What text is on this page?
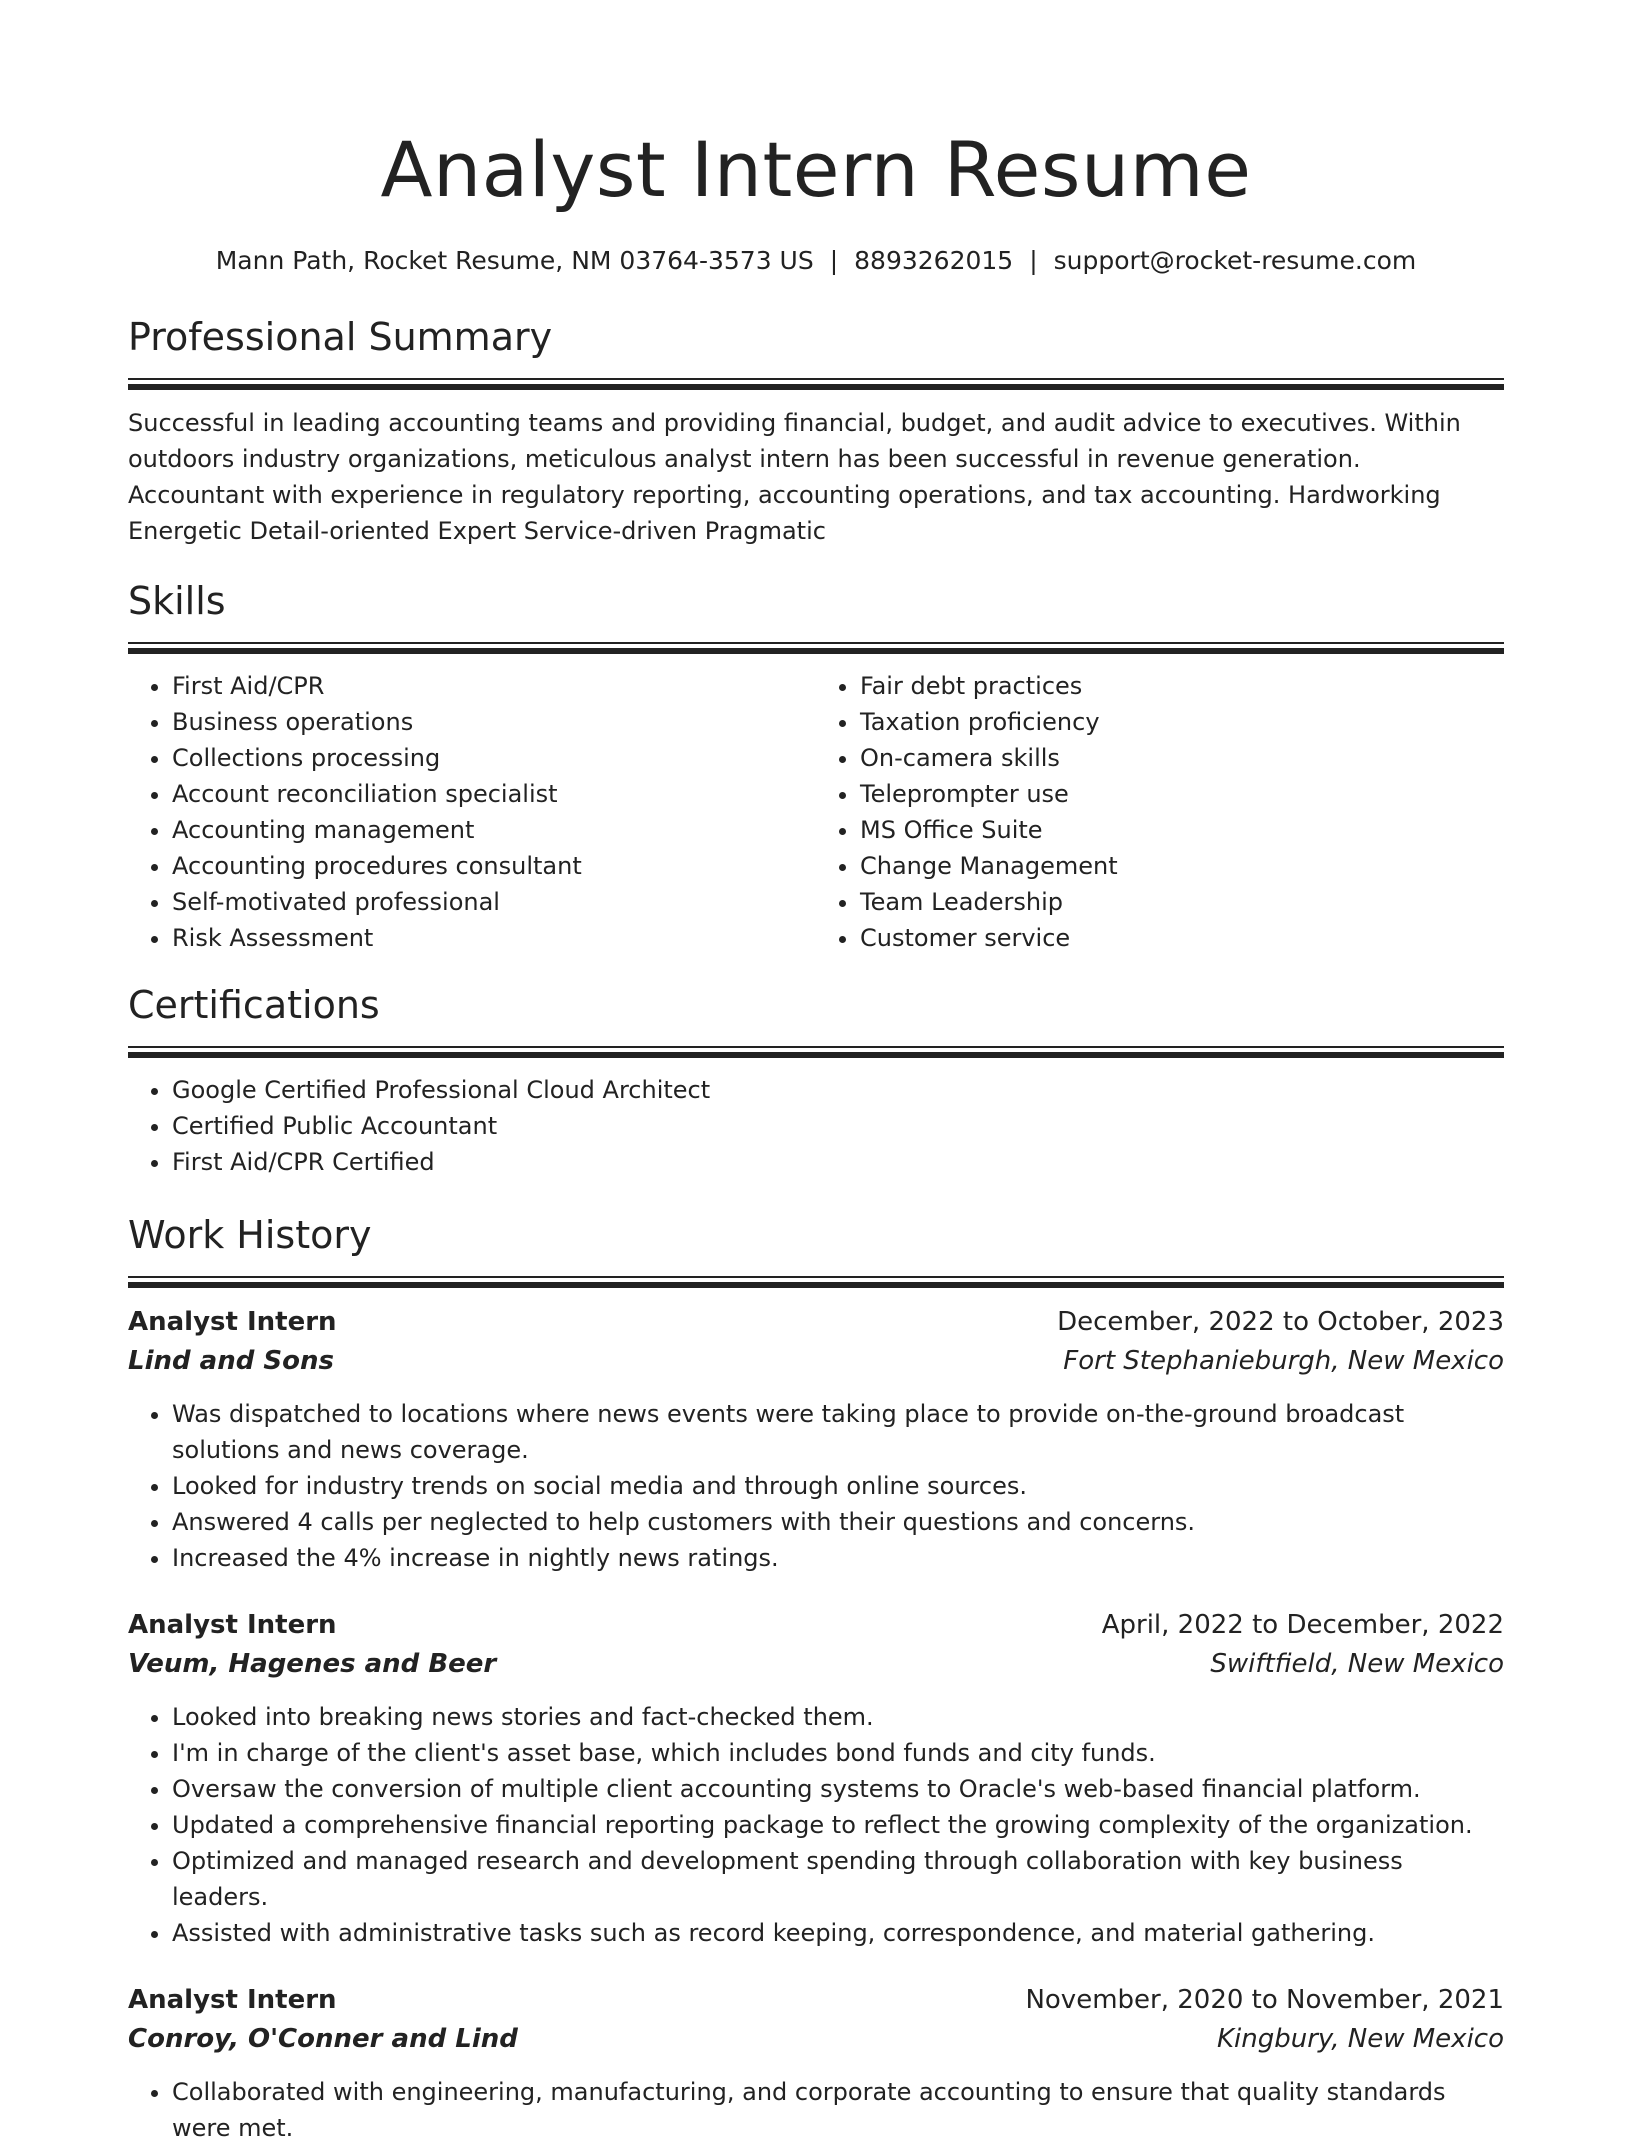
Analyst Intern Resume
Mann Path, Rocket Resume, NM 03764-3573 US | 8893262015 | support@rocket-resume.com
Professional Summary
Successful in leading accounting teams and providing financial, budget, and audit advice to executives. Within outdoors industry organizations, meticulous analyst intern has been successful in revenue generation. Accountant with experience in regulatory reporting, accounting operations, and tax accounting. Hardworking Energetic Detail-oriented Expert Service-driven Pragmatic
Skills
• First Aid/CPR
• Business operations
• Collections processing
• Account reconciliation specialist
• Accounting management
• Accounting procedures consultant
• Self-motivated professional
• Risk Assessment
• Fair debt practices
• Taxation proficiency
• On-camera skills
• Teleprompter use
• MS Office Suite
• Change Management
• Team Leadership
• Customer service
Certifications
• Google Certified Professional Cloud Architect
• Certified Public Accountant
• First Aid/CPR Certified
Work History
Analyst Intern	December, 2022 to October, 2023
Lind and Sons	Fort Stephanieburgh, New Mexico
• Was dispatched to locations where news events were taking place to provide on-the-ground broadcast solutions and news coverage.
• Looked for industry trends on social media and through online sources.
• Answered 4 calls per neglected to help customers with their questions and concerns.
• Increased the 4% increase in nightly news ratings.
Analyst Intern	April, 2022 to December, 2022
Veum, Hagenes and Beer	Swiftfield, New Mexico
• Looked into breaking news stories and fact-checked them.
• I'm in charge of the client's asset base, which includes bond funds and city funds.
• Oversaw the conversion of multiple client accounting systems to Oracle's web-based financial platform.
• Updated a comprehensive financial reporting package to reflect the growing complexity of the organization.
• Optimized and managed research and development spending through collaboration with key business leaders.
• Assisted with administrative tasks such as record keeping, correspondence, and material gathering.
Analyst Intern	November, 2020 to November, 2021
Conroy, O'Conner and Lind	Kingbury, New Mexico
• Collaborated with engineering, manufacturing, and corporate accounting to ensure that quality standards were met.
